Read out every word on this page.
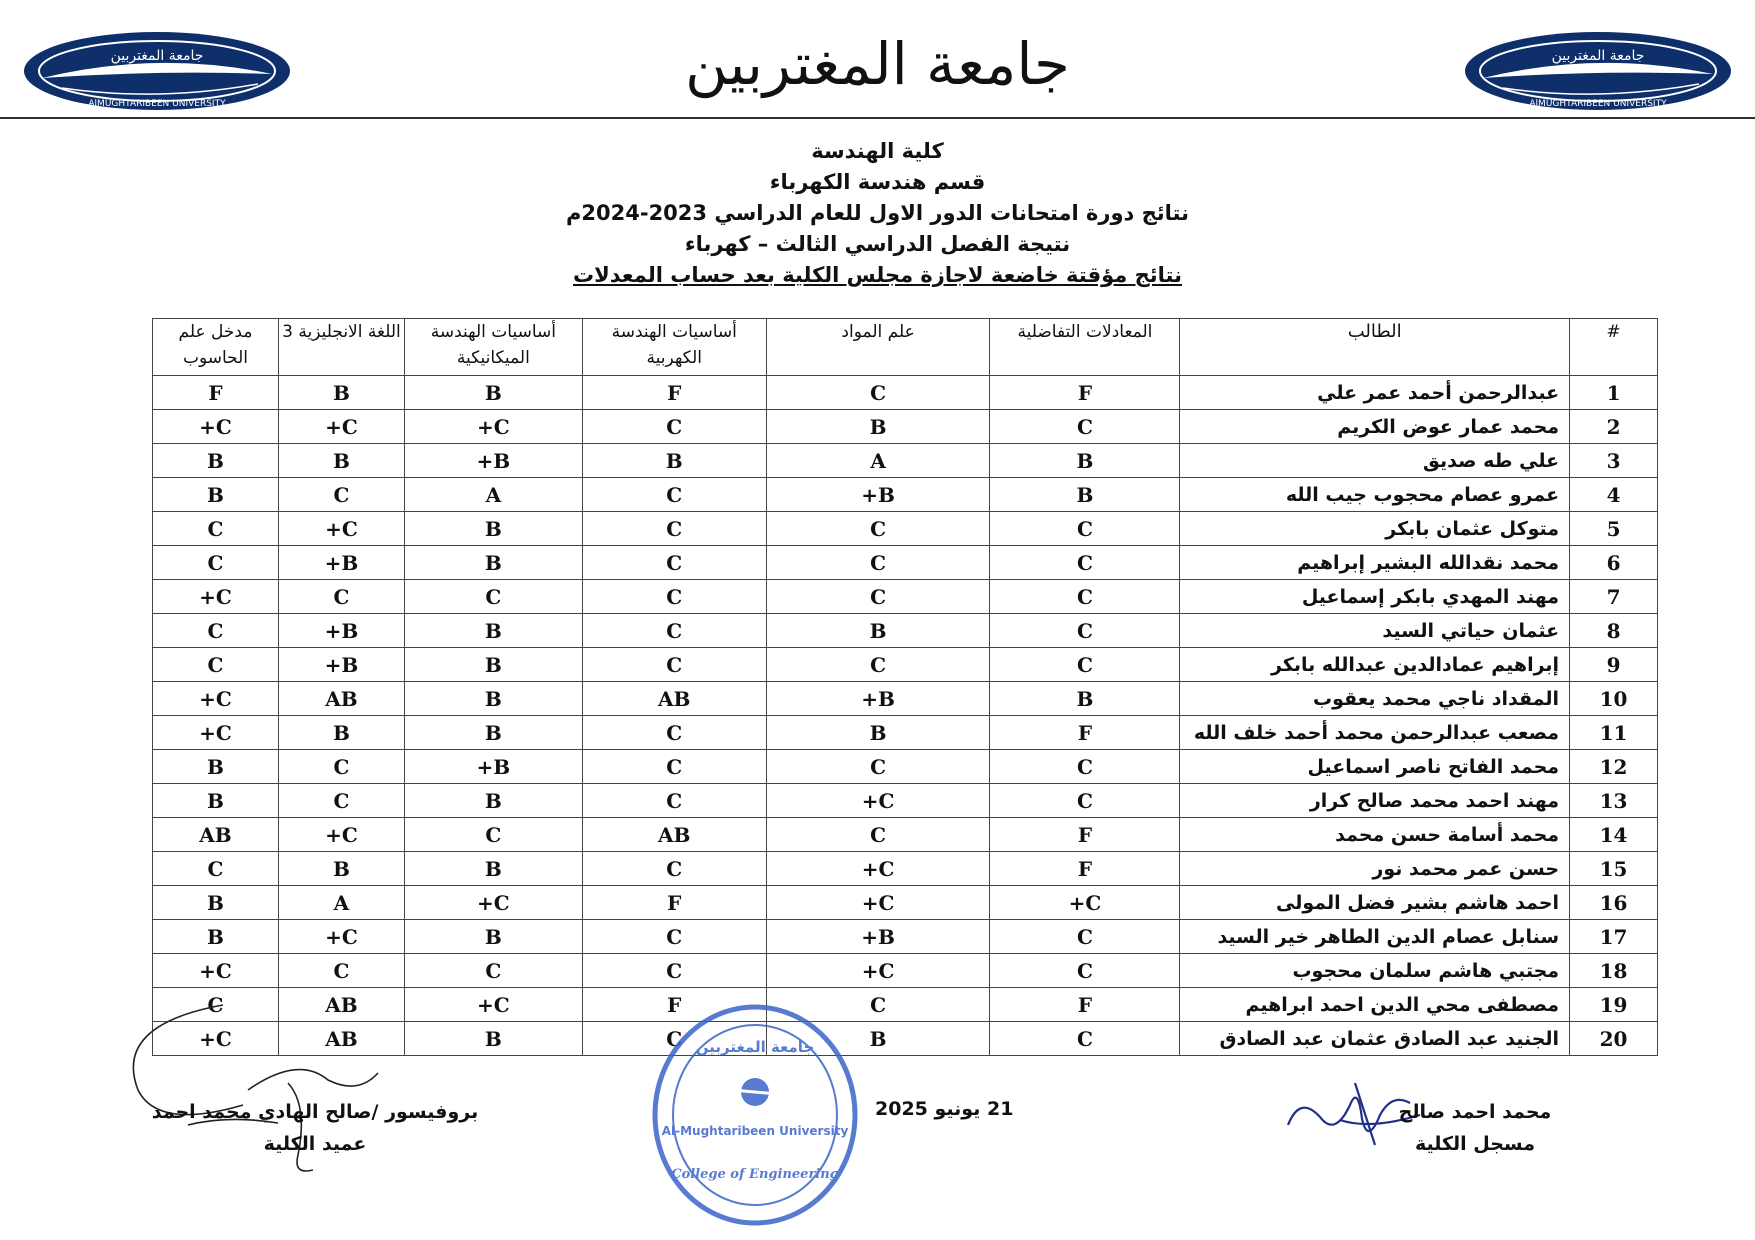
جامعة المغتربين
AlMUGHTARIBEEN UNIVERSITY
جامعة المغتربين
AlMUGHTARIBEEN UNIVERSITY
جامعة المغتربين
كلية الهندسة
قسم هندسة الكهرباء
نتائج دورة امتحانات الدور الاول للعام الدراسي 2023-2024م
نتيجة الفصل الدراسي الثالث – كهرباء
نتائج مؤقتة خاضعة لاجازة مجلس الكلية بعد حساب المعدلات
#	الطالب	المعادلات التفاضلية	علم المواد	أساسيات الهندسة الكهربية	أساسيات الهندسة الميكانيكية	اللغة الانجليزية 3	مدخل علم الحاسوب
1	عبدالرحمن أحمد عمر علي	F	C	F	B	B	F
2	محمد عمار عوض الكريم	C	B	C	C+	C+	C+
3	علي طه صديق	B	A	B	B+	B	B
4	عمرو عصام محجوب جيب الله	B	B+	C	A	C	B
5	متوكل عثمان بابكر	C	C	C	B	C+	C
6	محمد نقدالله البشير إبراهيم	C	C	C	B	B+	C
7	مهند المهدي بابكر إسماعيل	C	C	C	C	C	C+
8	عثمان حياتي السيد	C	B	C	B	B+	C
9	إبراهيم عمادالدين عبدالله بابكر	C	C	C	B	B+	C
10	المقداد ناجي محمد يعقوب	B	B+	AB	B	AB	C+
11	مصعب عبدالرحمن محمد أحمد خلف الله	F	B	C	B	B	C+
12	محمد الفاتح ناصر اسماعيل	C	C	C	B+	C	B
13	مهند احمد محمد صالح كرار	C	C+	C	B	C	B
14	محمد أسامة حسن محمد	F	C	AB	C	C+	AB
15	حسن عمر محمد نور	F	C+	C	B	B	C
16	احمد هاشم بشير فضل المولى	C+	C+	F	C+	A	B
17	سنابل عصام الدين الطاهر خير السيد	C	B+	C	B	C+	B
18	مجتبي هاشم سلمان محجوب	C	C+	C	C	C	C+
19	مصطفى محي الدين احمد ابراهيم	F	C	F	C+	AB	C
20	الجنيد عبد الصادق عثمان عبد الصادق	C	B	C	B	AB	C+
محمد احمد صالح
مسجل الكلية
21 يونيو 2025
بروفيسور /صالح الهادي محمد احمد
عميد الكلية
جامعة المغتربين
Al-Mughtaribeen University
College of Engineering
